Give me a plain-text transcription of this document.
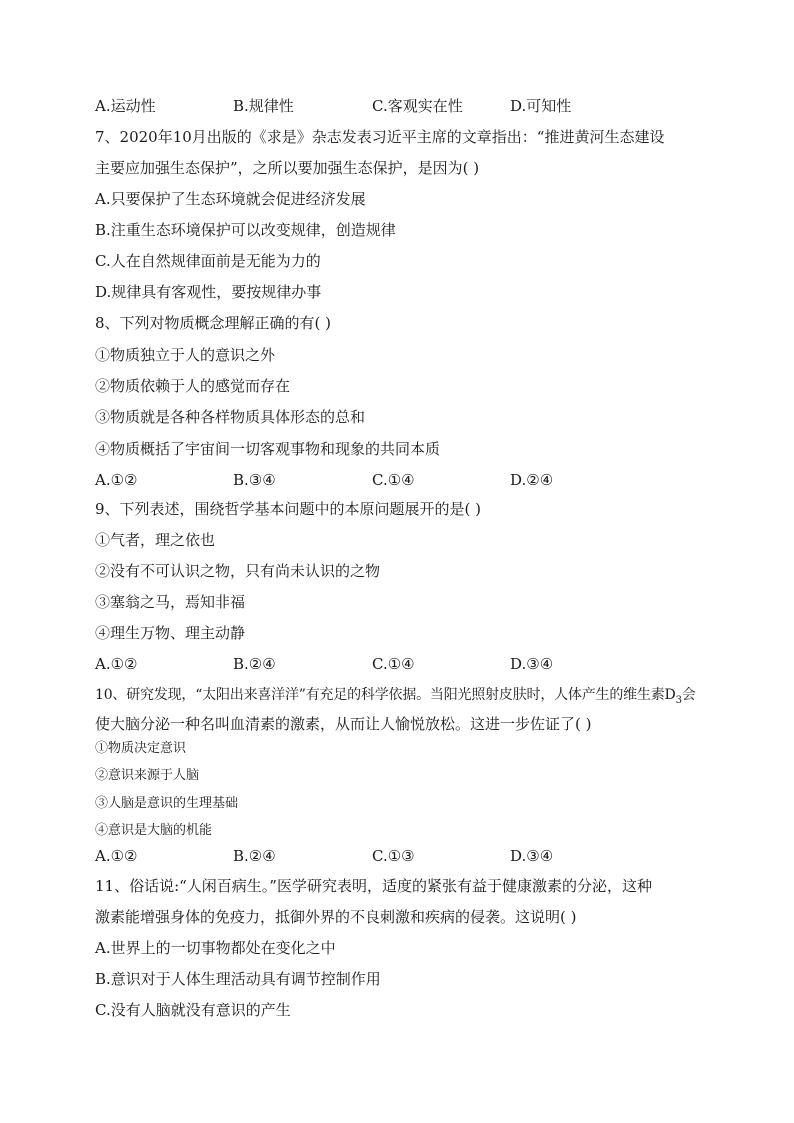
A.运动性	B.规律性	C.客观实在性	D.可知性
7、2020年10月出版的《求是》杂志发表习近平主席的文章指出：“推进黄河生态建设
主要应加强生态保护”，之所以要加强生态保护，是因为( )
A.只要保护了生态环境就会促进经济发展
B.注重生态环境保护可以改变规律，创造规律
C.人在自然规律面前是无能为力的
D.规律具有客观性，要按规律办事
8、下列对物质概念理解正确的有( )
①物质独立于人的意识之外
②物质依赖于人的感觉而存在
③物质就是各种各样物质具体形态的总和
④物质概括了宇宙间一切客观事物和现象的共同本质
A.①②	B.③④	C.①④	D.②④
9、下列表述，围绕哲学基本问题中的本原问题展开的是( )
①气者，理之依也
②没有不可认识之物，只有尚未认识的之物
③塞翁之马，焉知非福
④理生万物、理主动静
A.①②	B.②④	C.①④	D.③④
10、研究发现，“太阳出来喜洋洋”有充足的科学依据。当阳光照射皮肤时，人体产生的维生素$D_3$会
使大脑分泌一种名叫血清素的激素，从而让人愉悦放松。这进一步佐证了( )
①物质决定意识
②意识来源于人脑
③人脑是意识的生理基础
④意识是大脑的机能
A.①②	B.②④	C.①③	D.③④
11、俗话说:“人闲百病生。”医学研究表明，适度的紧张有益于健康激素的分泌，这种
激素能增强身体的免疫力，抵御外界的不良刺激和疾病的侵袭。这说明( )
A.世界上的一切事物都处在变化之中
B.意识对于人体生理活动具有调节控制作用
C.没有人脑就没有意识的产生
